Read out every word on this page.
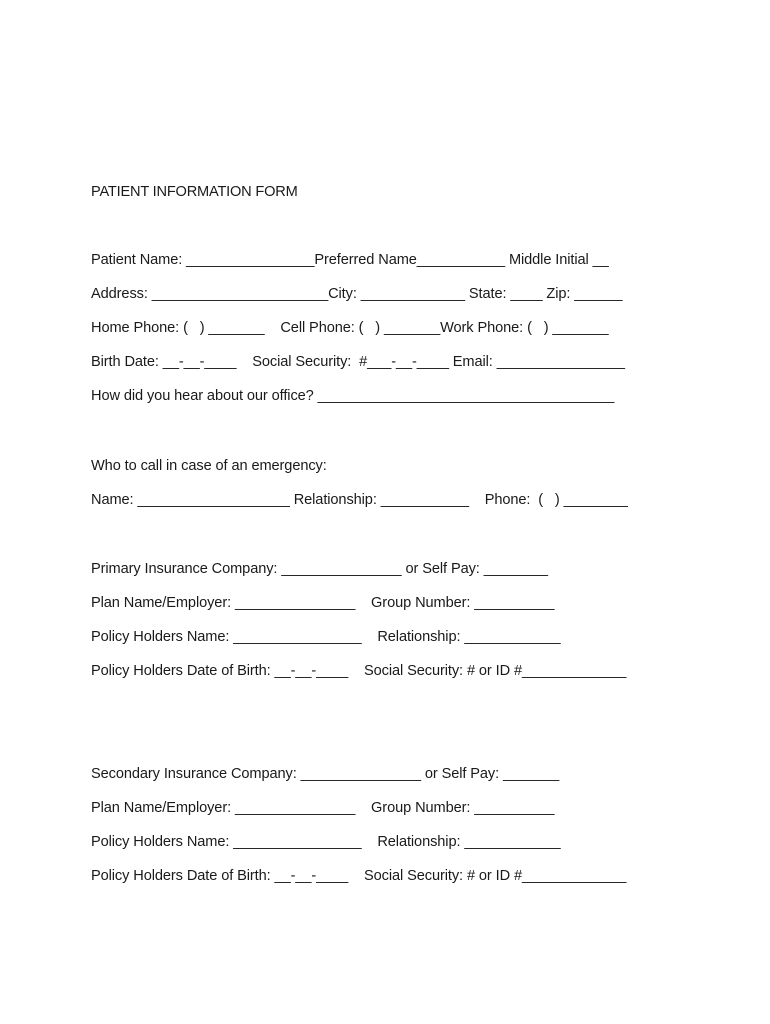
PATIENT INFORMATION FORM
Patient Name: ________________Preferred Name___________ Middle Initial __
Address: ______________________City: _____________ State: ____ Zip: ______
Home Phone: (   ) _______    Cell Phone: (   ) _______Work Phone: (   ) _______
Birth Date: __-__-____    Social Security:  #___-__-____ Email: ________________
How did you hear about our office? _____________________________________
Who to call in case of an emergency:
Name: ___________________ Relationship: ___________    Phone:  (   ) ________
Primary Insurance Company: _______________ or Self Pay: ________
Plan Name/Employer: _______________    Group Number: __________
Policy Holders Name: ________________    Relationship: ____________
Policy Holders Date of Birth: __-__-____    Social Security: # or ID #_____________
Secondary Insurance Company: _______________ or Self Pay: _______
Plan Name/Employer: _______________    Group Number: __________
Policy Holders Name: ________________    Relationship: ____________
Policy Holders Date of Birth: __-__-____    Social Security: # or ID #_____________
